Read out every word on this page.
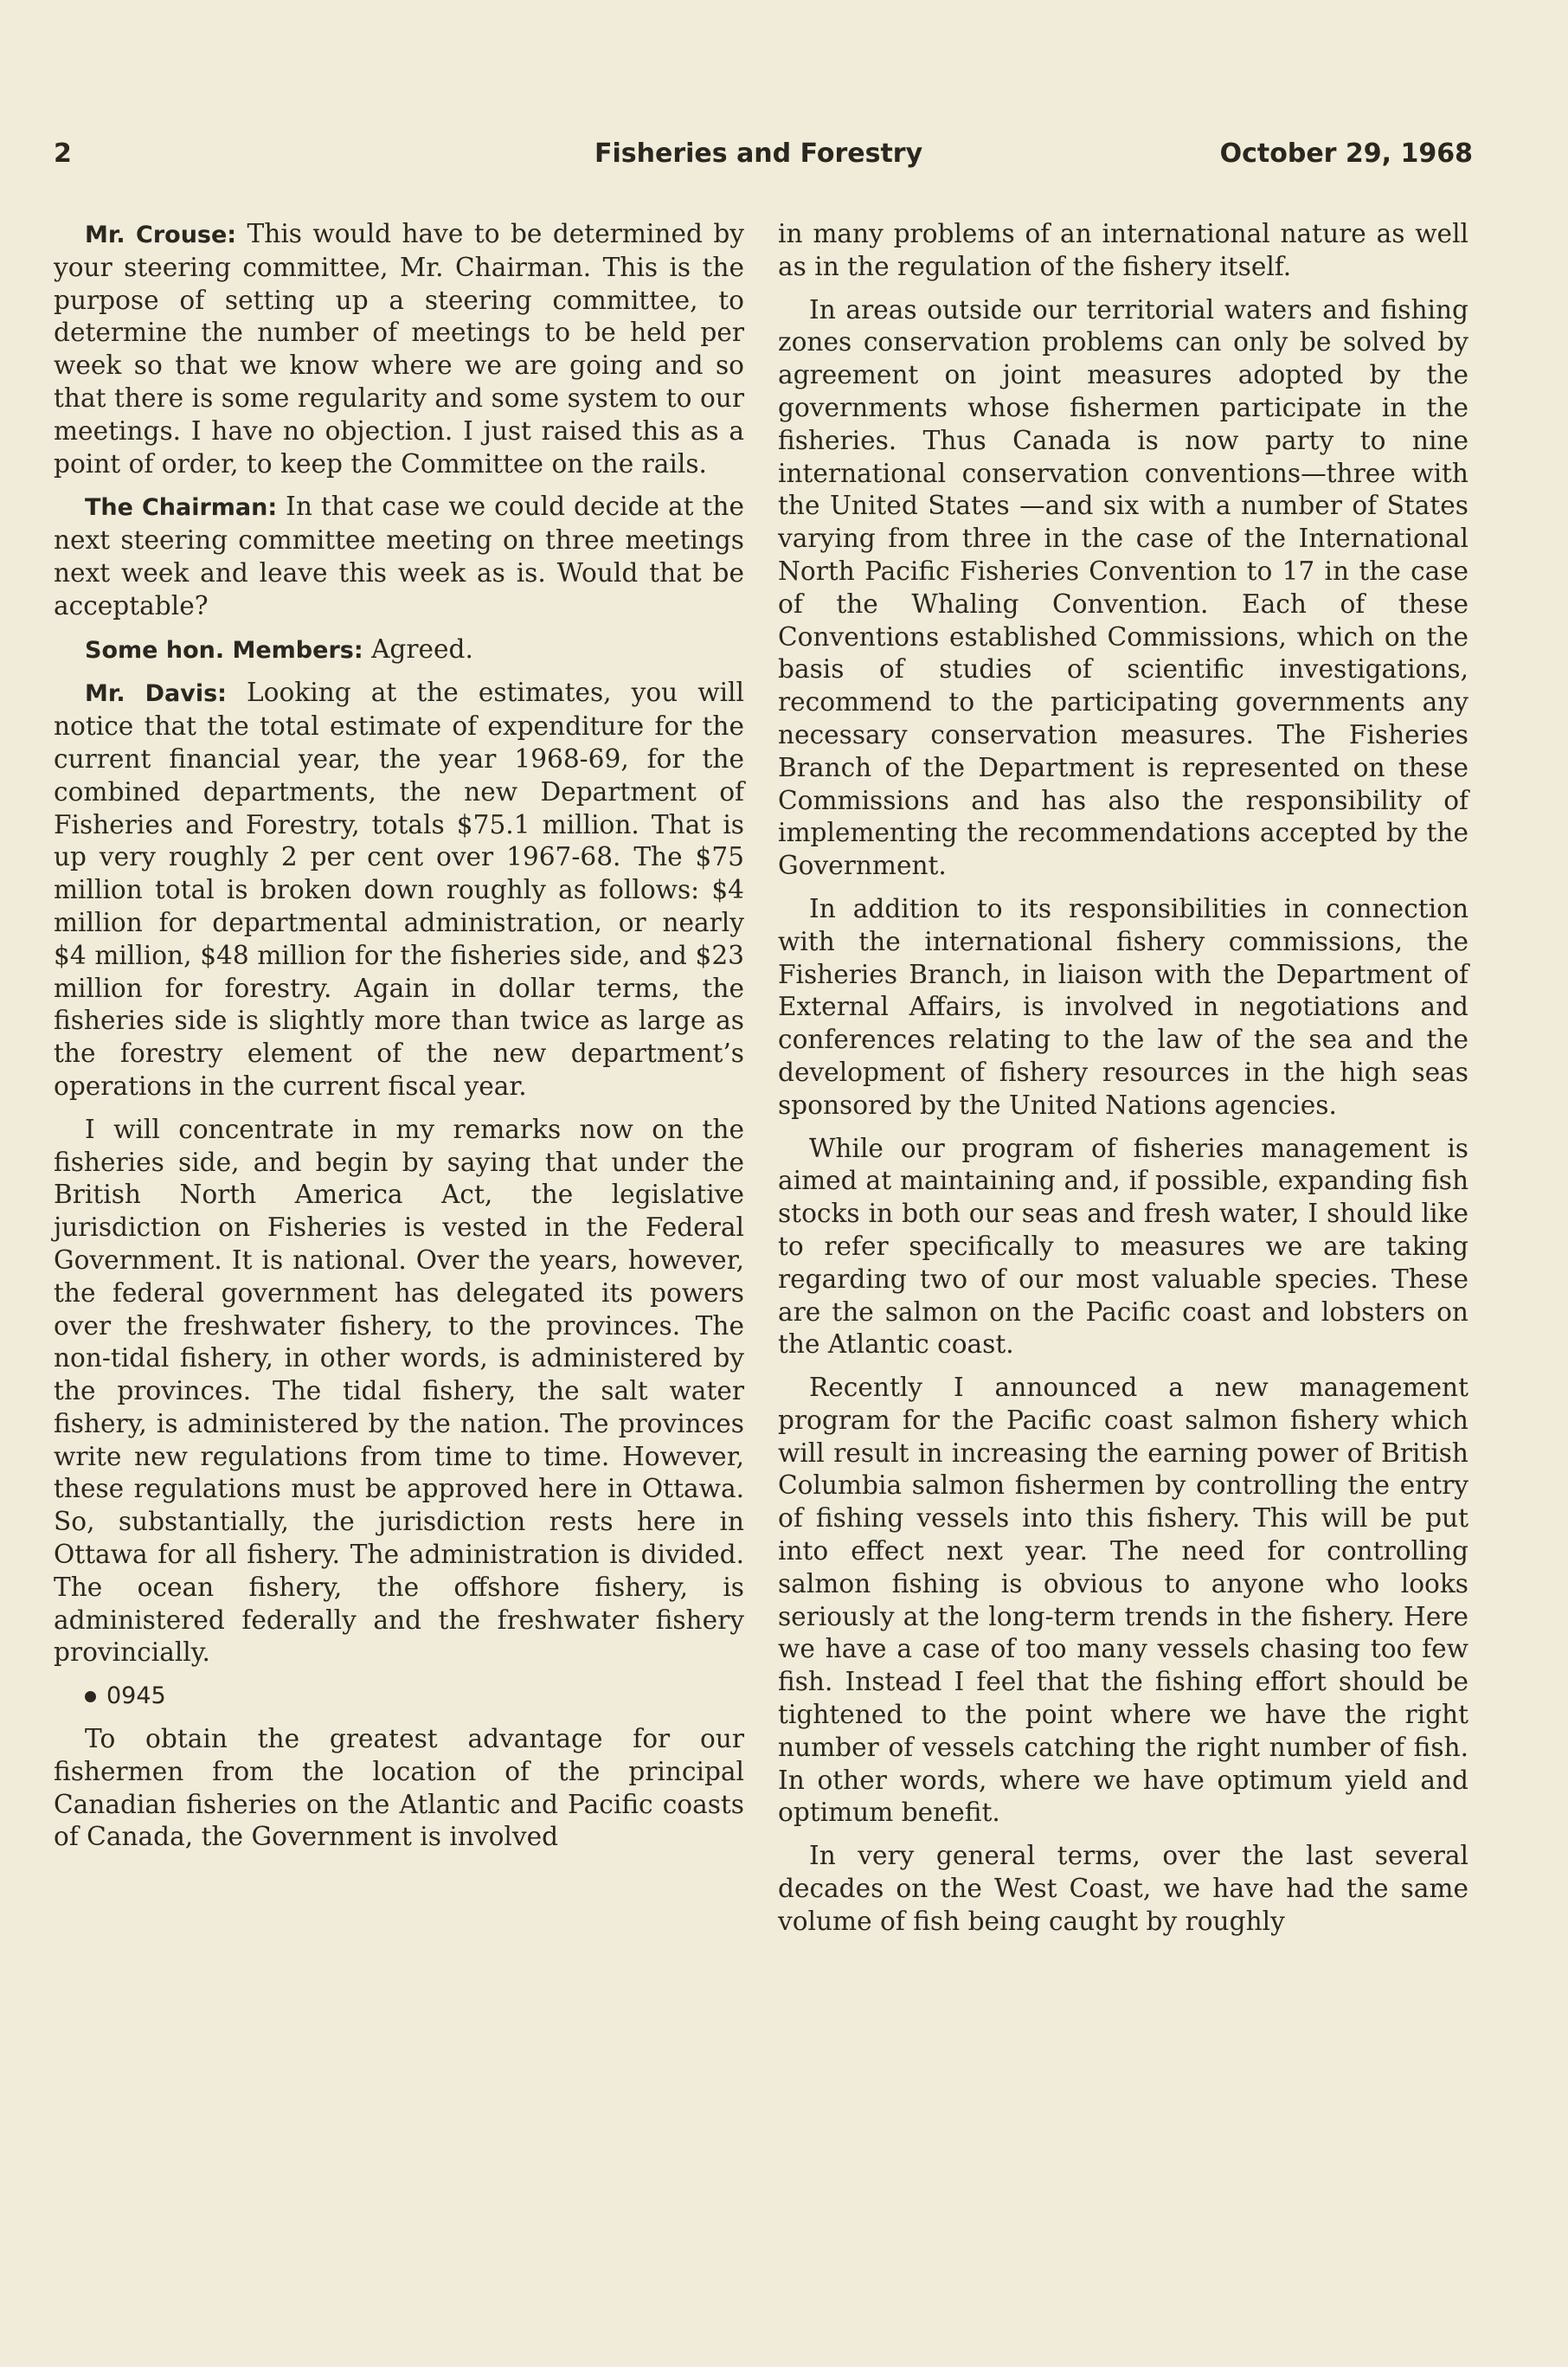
2	Fisheries and Forestry	October 29, 1968

Mr. Crouse: This would have to be determined by your steering committee, Mr. Chairman. This is the purpose of setting up a steering committee, to determine the number of meetings to be held per week so that we know where we are going and so that there is some regularity and some system to our meetings. I have no objection. I just raised this as a point of order, to keep the Committee on the rails.

The Chairman: In that case we could decide at the next steering committee meeting on three meetings next week and leave this week as is. Would that be acceptable?

Some hon. Members: Agreed.

Mr. Davis: Looking at the estimates, you will notice that the total estimate of expenditure for the current financial year, the year 1968-69, for the combined departments, the new Department of Fisheries and Forestry, totals $75.1 million. That is up very roughly 2 per cent over 1967-68. The $75 million total is broken down roughly as follows: $4 million for departmental administration, or nearly $4 million, $48 million for the fisheries side, and $23 million for forestry. Again in dollar terms, the fisheries side is slightly more than twice as large as the forestry element of the new department’s operations in the current fiscal year.

I will concentrate in my remarks now on the fisheries side, and begin by saying that under the British North America Act, the legislative jurisdiction on Fisheries is vested in the Federal Government. It is national. Over the years, however, the federal government has delegated its powers over the freshwater fishery, to the provinces. The non-tidal fishery, in other words, is administered by the provinces. The tidal fishery, the salt water fishery, is administered by the nation. The provinces write new regulations from time to time. However, these regulations must be approved here in Ottawa. So, substantially, the jurisdiction rests here in Ottawa for all fishery. The administration is divided. The ocean fishery, the offshore fishery, is administered federally and the freshwater fishery provincially.

0945

To obtain the greatest advantage for our fishermen from the location of the principal Canadian fisheries on the Atlantic and Pacific coasts of Canada, the Government is involved

in many problems of an international nature as well as in the regulation of the fishery itself.

In areas outside our territorial waters and fishing zones conservation problems can only be solved by agreement on joint measures adopted by the governments whose fishermen participate in the fisheries. Thus Canada is now party to nine international conservation conventions—three with the United States —and six with a number of States varying from three in the case of the International North Pacific Fisheries Convention to 17 in the case of the Whaling Convention. Each of these Conventions established Commissions, which on the basis of studies of scientific investigations, recommend to the participating governments any necessary conservation measures. The Fisheries Branch of the Department is represented on these Commissions and has also the responsibility of implementing the recommendations accepted by the Government.

In addition to its responsibilities in connection with the international fishery commissions, the Fisheries Branch, in liaison with the Department of External Affairs, is involved in negotiations and conferences relating to the law of the sea and the development of fishery resources in the high seas sponsored by the United Nations agencies.

While our program of fisheries management is aimed at maintaining and, if possible, expanding fish stocks in both our seas and fresh water, I should like to refer specifically to measures we are taking regarding two of our most valuable species. These are the salmon on the Pacific coast and lobsters on the Atlantic coast.

Recently I announced a new management program for the Pacific coast salmon fishery which will result in increasing the earning power of British Columbia salmon fishermen by controlling the entry of fishing vessels into this fishery. This will be put into effect next year. The need for controlling salmon fishing is obvious to anyone who looks seriously at the long-term trends in the fishery. Here we have a case of too many vessels chasing too few fish. Instead I feel that the fishing effort should be tightened to the point where we have the right number of vessels catching the right number of fish. In other words, where we have optimum yield and optimum benefit.

In very general terms, over the last several decades on the West Coast, we have had the same volume of fish being caught by roughly
